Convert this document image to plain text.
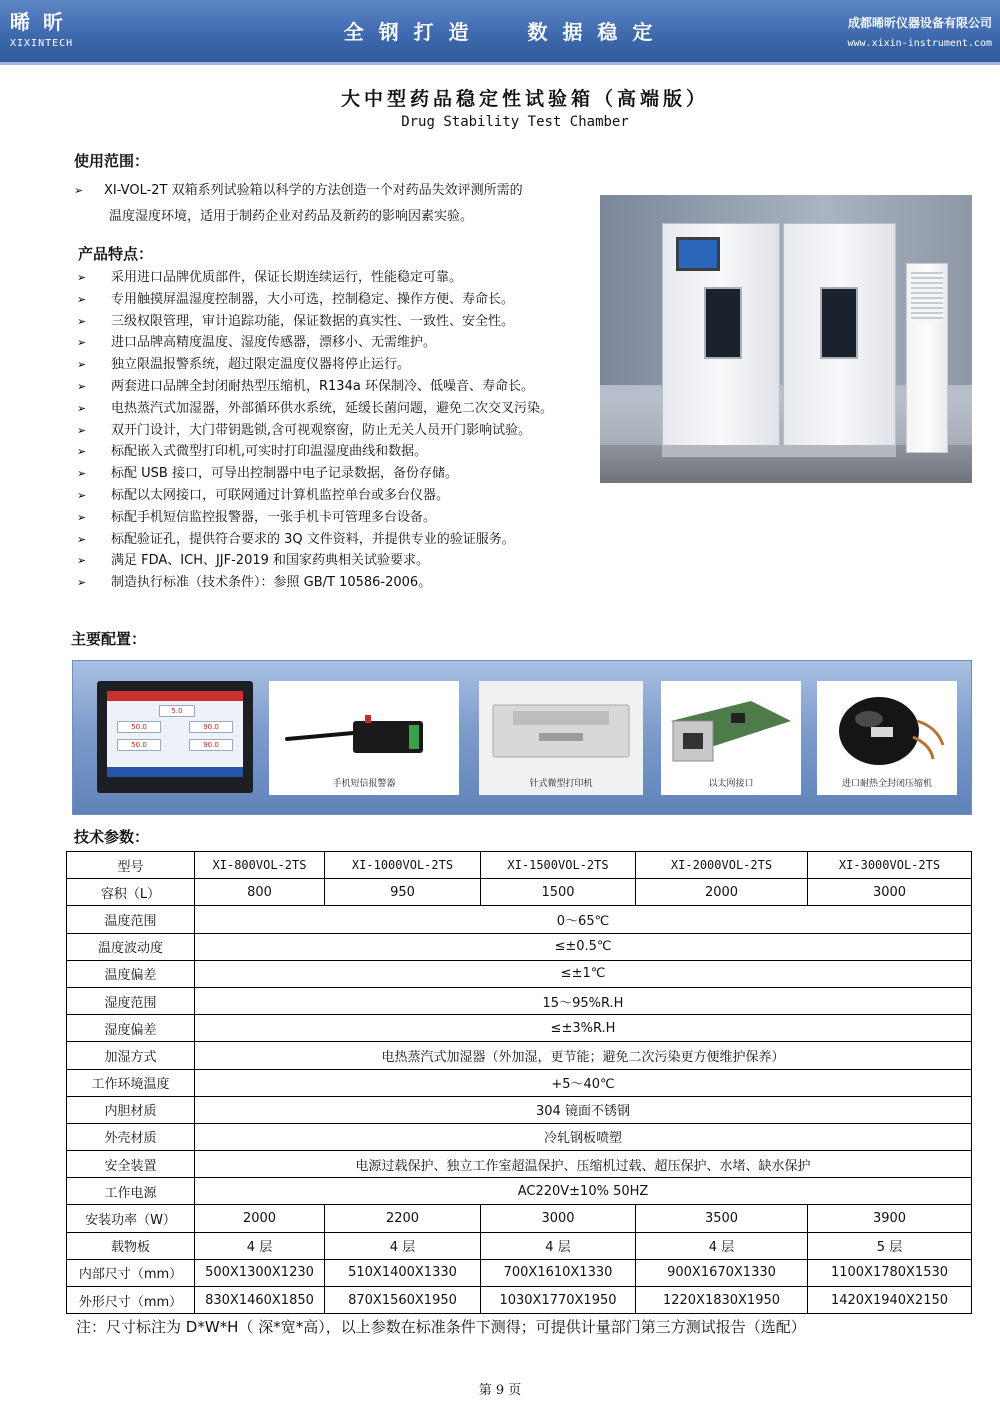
晞 昕
XIXINTECH	全 钢 打 造	数 据 稳 定	成都晞昕仪器设备有限公司
www.xixin-instrument.com
大中型药品稳定性试验箱（高端版）
Drug Stability Test Chamber
使用范围：
➢	XI-VOL-2T 双箱系列试验箱以科学的方法创造一个对药品失效评测所需的
温度湿度环境，适用于制药企业对药品及新药的影响因素实验。
产品特点：
➢ 采用进口品牌优质部件，保证长期连续运行，性能稳定可靠。
➢ 专用触摸屏温湿度控制器，大小可选，控制稳定、操作方便、寿命长。
➢ 三级权限管理，审计追踪功能，保证数据的真实性、一致性、安全性。
➢ 进口品牌高精度温度、湿度传感器，漂移小、无需维护。
➢ 独立限温报警系统，超过限定温度仪器将停止运行。
➢ 两套进口品牌全封闭耐热型压缩机，R134a 环保制冷、低噪音、寿命长。
➢ 电热蒸汽式加湿器，外部循环供水系统，延缓长菌问题，避免二次交叉污染。
➢ 双开门设计，大门带钥匙锁,含可视观察窗，防止无关人员开门影响试验。
➢ 标配嵌入式微型打印机,可实时打印温湿度曲线和数据。
➢ 标配 USB 接口，可导出控制器中电子记录数据，备份存储。
➢ 标配以太网接口，可联网通过计算机监控单台或多台仪器。
➢ 标配手机短信监控报警器，一张手机卡可管理多台设备。
➢ 标配验证孔，提供符合要求的 3Q 文件资料，并提供专业的验证服务。
➢ 满足 FDA、ICH、JJF-2019 和国家药典相关试验要求。
➢ 制造执行标准（技术条件）：参照 GB/T 10586-2006。
主要配置：
5.0
50.0	90.0
50.0	90.0
手机短信报警器	针式微型打印机	以太网接口	进口耐热全封闭压缩机
技术参数：
型号	XI-800VOL-2TS	XI-1000VOL-2TS	XI-1500VOL-2TS	XI-2000VOL-2TS	XI-3000VOL-2TS
容积（L）	800	950	1500	2000	3000
温度范围	0～65℃				
温度波动度	≤±0.5℃				
温度偏差	≤±1℃				
湿度范围	15～95%R.H				
湿度偏差	≤±3%R.H				
加湿方式	电热蒸汽式加湿器（外加湿，更节能；避免二次污染更方便维护保养）				
工作环境温度	+5～40℃				
内胆材质	304 镜面不锈钢				
外壳材质	冷轧钢板喷塑				
安全装置	电源过载保护、独立工作室超温保护、压缩机过载、超压保护、水堵、缺水保护				
工作电源	AC220V±10% 50HZ				
安装功率（W）	2000	2200	3000	3500	3900
载物板	4 层	4 层	4 层	4 层	5 层
内部尺寸（mm）	500X1300X1230	510X1400X1330	700X1610X1330	900X1670X1330	1100X1780X1530
外形尺寸（mm）	830X1460X1850	870X1560X1950	1030X1770X1950	1220X1830X1950	1420X1940X2150
注：尺寸标注为 D*W*H（ 深*宽*高），以上参数在标准条件下测得；可提供计量部门第三方测试报告（选配）
第 9 页
